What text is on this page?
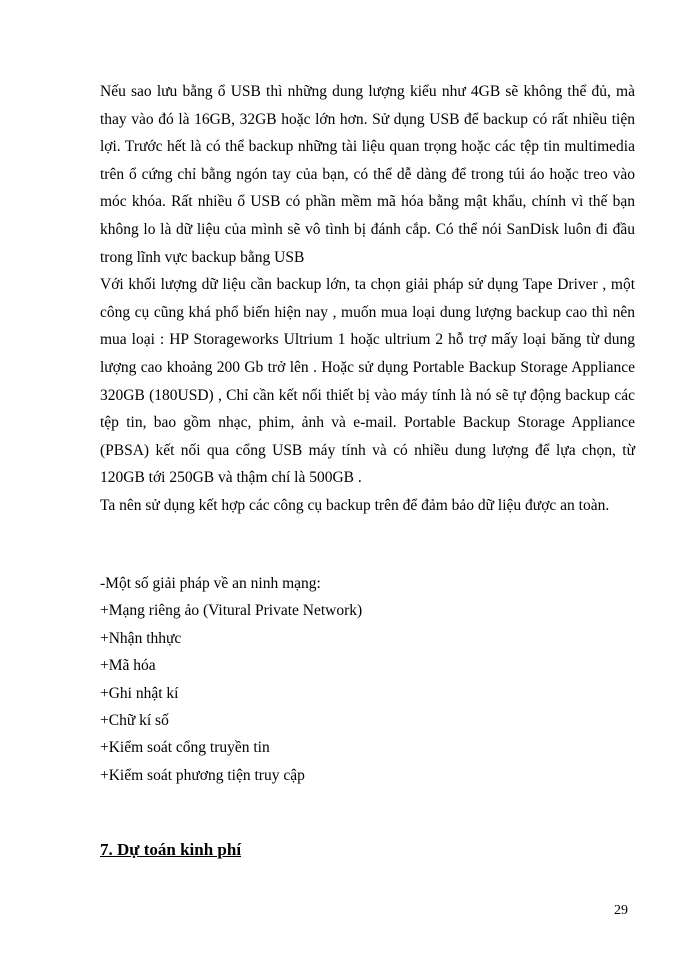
Nếu sao lưu bằng ổ USB thì những dung lượng kiểu như 4GB sẽ không thể đủ, mà thay vào đó là 16GB, 32GB hoặc lớn hơn. Sử dụng USB để backup có rất nhiều tiện lợi. Trước hết là có thể backup những tài liệu quan trọng hoặc các tệp tin multimedia trên ổ cứng chỉ bằng ngón tay của bạn, có thể dễ dàng để trong túi áo hoặc treo vào móc khóa. Rất nhiều ổ USB có phần mềm mã hóa bằng mật khẩu, chính vì thế bạn không lo là dữ liệu của mình sẽ vô tình bị đánh cắp. Có thể nói SanDisk luôn đi đầu trong lĩnh vực backup bằng USB

Với khối lượng dữ liệu cần backup lớn, ta chọn giải pháp sử dụng Tape Driver , một công cụ cũng khá phổ biến hiện nay , muốn mua loại dung lượng backup cao thì nên mua loại : HP Storageworks Ultrium 1 hoặc ultrium 2 hỗ trợ mấy loại băng từ dung lượng cao khoảng 200 Gb trở lên . Hoặc sử dụng Portable Backup Storage Appliance 320GB (180USD) , Chỉ cần kết nối thiết bị vào máy tính là nó sẽ tự động backup các tệp tin, bao gồm nhạc, phim, ảnh và e-mail. Portable Backup Storage Appliance (PBSA) kết nối qua cổng USB máy tính và có nhiều dung lượng để lựa chọn, từ 120GB tới 250GB và thậm chí là 500GB .

Ta nên sử dụng kết hợp các công cụ backup trên để đảm bảo dữ liệu được an toàn.

-Một số giải pháp về an ninh mạng:

+Mạng riêng ảo (Vitural Private Network)

+Nhận thhực

+Mã hóa

+Ghi nhật kí

+Chữ kí số

+Kiểm soát cổng truyền tin

+Kiểm soát phương tiện truy cập

7. Dự toán kinh phí
29
